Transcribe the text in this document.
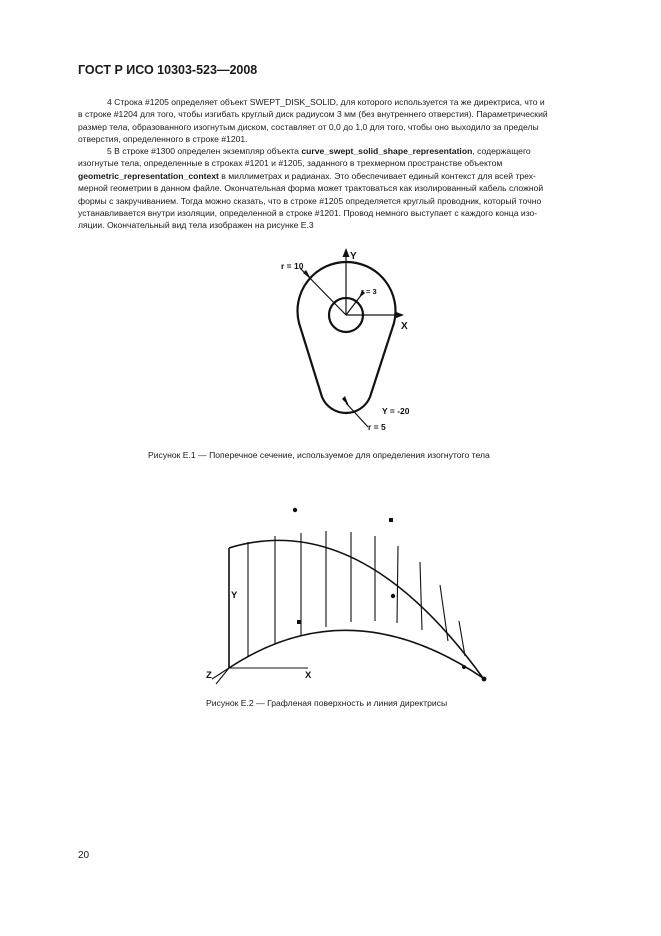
ГОСТ Р ИСО 10303-523—2008

4 Строка #1205 определяет объект SWEPT_DISK_SOLID, для которого используется та же директриса, что и

в строке #1204 для того, чтобы изгибать круглый диск радиусом 3 мм (без внутреннего отверстия). Параметрический
размер тела, образованного изогнутым диском, составляет от 0,0 до 1,0 для того, чтобы оно выходило за пределы
отверстия, определенного в строке #1201.

5 В строке #1300 определен экземпляр объекта curve_swept_solid_shape_representation, содержащего

изогнутые тела, определенные в строках #1201 и #1205, заданного в трехмерном пространстве объектом
geometric_representation_context в миллиметрах и радианах. Это обеспечивает единый контекст для всей трех-
мерной геометрии в данном файле. Окончательная форма может трактоваться как изолированный кабель сложной
формы с закручиванием. Тогда можно сказать, что в строке #1205 определяется круглый проводник, который точно
устанавливается внутри изоляции, определенной в строке #1201. Провод немного выступает с каждого конца изо-
ляции. Окончательный вид тела изображен на рисунке Е.3
Y
X
r = 10
r = 3
Y = -20
r = 5
Рисунок Е.1 — Поперечное сечение, используемое для определения изогнутого тела
Y
X
Z
Рисунок Е.2 — Графленая поверхность и линия директрисы
20
